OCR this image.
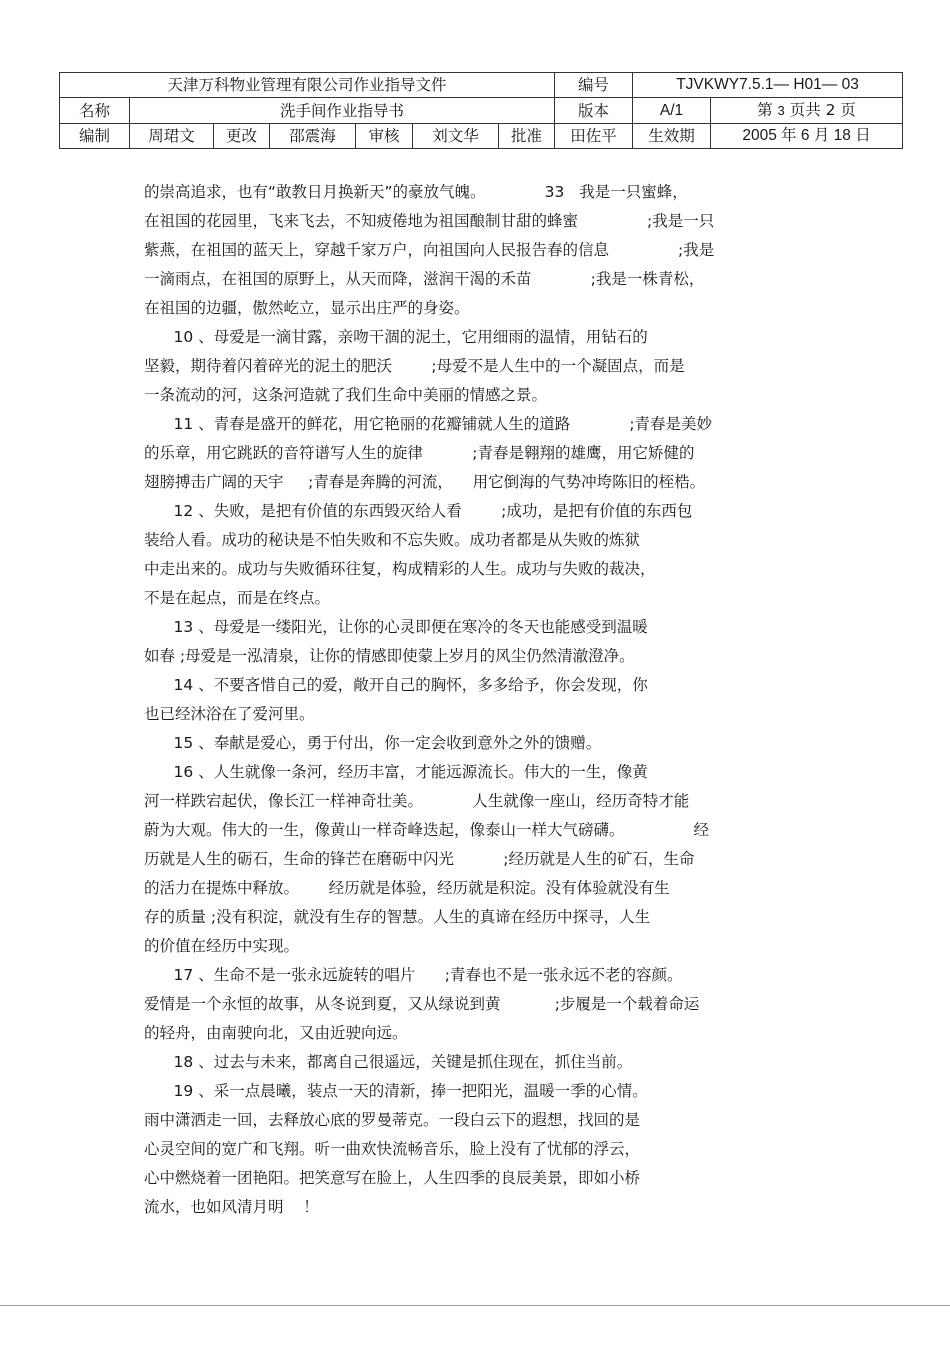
天津万科物业管理有限公司作业指导文件							编号	TJVKWY7.5.1— H01— 03	
名称	洗手间作业指导书						版本	A/1	第 3 页共 2 页
编制	周珺文	更改	邵震海	审核	刘文华	批准	田佐平	生效期	2005 年 6 月 18 日
的崇高追求，也有“敢教日月换新天”的豪放气魄。            33   我是一只蜜蜂，
在祖国的花园里，飞来飞去，不知疲倦地为祖国酿制甘甜的蜂蜜              ;我是一只
紫燕，在祖国的蓝天上，穿越千家万户，向祖国向人民报告春的信息              ;我是
一滴雨点，在祖国的原野上，从天而降，滋润干渴的禾苗            ;我是一株青松，
在祖国的边疆，傲然屹立，显示出庄严的身姿。
10 、母爱是一滴甘露，亲吻干涸的泥土，它用细雨的温情，用钻石的
坚毅，期待着闪着碎光的泥土的肥沃        ;母爱不是人生中的一个凝固点，而是
一条流动的河，这条河造就了我们生命中美丽的情感之景。
11 、青春是盛开的鲜花，用它艳丽的花瓣铺就人生的道路            ;青春是美妙
的乐章，用它跳跃的音符谱写人生的旋律          ;青春是翱翔的雄鹰，用它矫健的
翅膀搏击广阔的天宇     ;青春是奔腾的河流，    用它倒海的气势冲垮陈旧的桎梏。
12 、失败，是把有价值的东西毁灭给人看        ;成功，是把有价值的东西包
装给人看。成功的秘诀是不怕失败和不忘失败。成功者都是从失败的炼狱
中走出来的。成功与失败循环往复，构成精彩的人生。成功与失败的裁决，
不是在起点，而是在终点。
13 、母爱是一缕阳光，让你的心灵即便在寒冷的冬天也能感受到温暖
如春 ;母爱是一泓清泉，让你的情感即使蒙上岁月的风尘仍然清澈澄净。
14 、不要吝惜自己的爱，敞开自己的胸怀，多多给予，你会发现，你
也已经沐浴在了爱河里。
15 、奉献是爱心，勇于付出，你一定会收到意外之外的馈赠。
16 、人生就像一条河，经历丰富，才能远源流长。伟大的一生，像黄
河一样跌宕起伏，像长江一样神奇壮美。          人生就像一座山，经历奇特才能
蔚为大观。伟大的一生，像黄山一样奇峰迭起，像泰山一样大气磅礴。              经
历就是人生的砺石，生命的锋芒在磨砺中闪光          ;经历就是人生的矿石，生命
的活力在提炼中释放。      经历就是体验，经历就是积淀。没有体验就没有生
存的质量 ;没有积淀，就没有生存的智慧。人生的真谛在经历中探寻，人生
的价值在经历中实现。
17 、生命不是一张永远旋转的唱片      ;青春也不是一张永远不老的容颜。
爱情是一个永恒的故事，从冬说到夏，又从绿说到黄           ;步履是一个载着命运
的轻舟，由南驶向北，又由近驶向远。
18 、过去与未来，都离自己很遥远，关键是抓住现在，抓住当前。
19 、采一点晨曦，装点一天的清新，捧一把阳光，温暖一季的心情。
雨中潇洒走一回，去释放心底的罗曼蒂克。一段白云下的遐想，找回的是
心灵空间的宽广和飞翔。听一曲欢快流畅音乐，脸上没有了忧郁的浮云，
心中燃烧着一团艳阳。把笑意写在脸上，人生四季的良辰美景，即如小桥
流水，也如风清月明    ！
